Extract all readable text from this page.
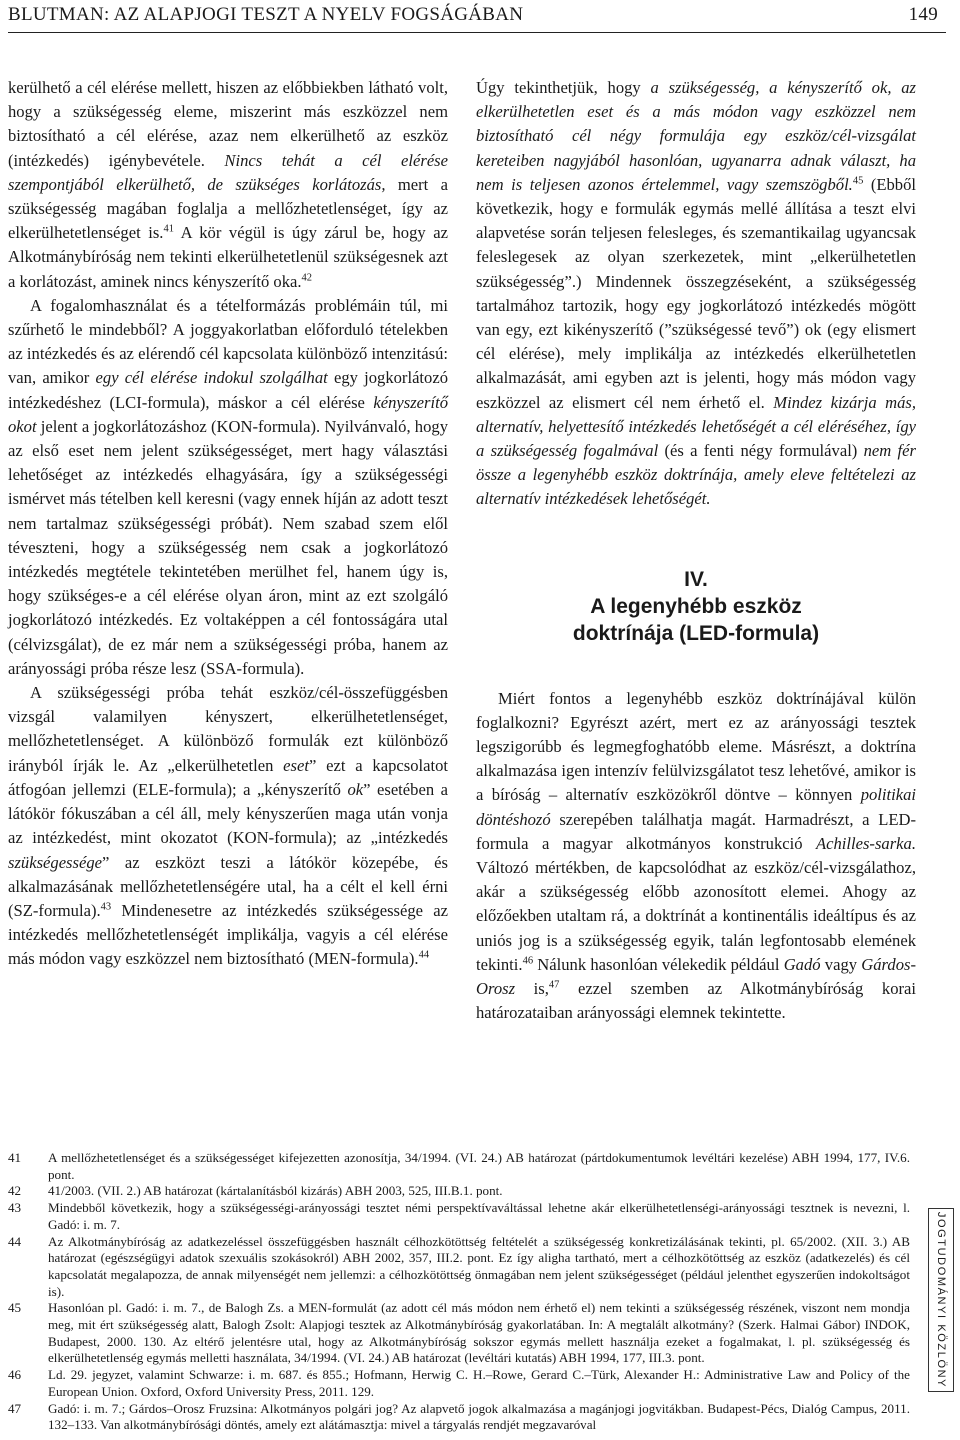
BLUTMAN: AZ ALAPJOGI TESZT A NYELV FOGSÁGÁBAN	149

kerülhető a cél elérése mellett, hiszen az előbbiekben látható volt, hogy a szükségesség eleme, miszerint más eszközzel nem biztosítható a cél elérése, azaz nem elkerülhető az eszköz (intézkedés) igénybevétele. Nincs tehát a cél elérése szempontjából elkerülhető, de szükséges korlátozás, mert a szükségesség magában foglalja a mellőzhetetlenséget, így az elkerülhetetlenséget is.$^{41}$ A kör végül is úgy zárul be, hogy az Alkotmánybíróság nem tekinti elkerülhetetlenül szükségesnek azt a korlátozást, aminek nincs kényszerítő oka.$^{42}$

A fogalomhasználat és a tételformázás problémáin túl, mi szűrhető le mindebből? A joggyakorlatban előforduló tételekben az intézkedés és az elérendő cél kapcsolata különböző intenzitású: van, amikor egy cél elérése indokul szolgálhat egy jogkorlátozó intézkedéshez (LCI-formula), máskor a cél elérése kényszerítő okot jelent a jogkorlátozáshoz (KON-formula). Nyilvánvaló, hogy az első eset nem jelent szükségességet, mert hagy választási lehetőséget az intézkedés elhagyására, így a szükségességi ismérvet más tételben kell keresni (vagy ennek híján az adott teszt nem tartalmaz szükségességi próbát). Nem szabad szem elől téveszteni, hogy a szükségesség nem csak a jogkorlátozó intézkedés megtétele tekintetében merülhet fel, hanem úgy is, hogy szükséges-e a cél elérése olyan áron, mint az ezt szolgáló jogkorlátozó intézkedés. Ez voltaképpen a cél fontosságára utal (célvizsgálat), de ez már nem a szükségességi próba, hanem az arányossági próba része lesz (SSA-formula).

A szükségességi próba tehát eszköz/cél-összefüggésben vizsgál valamilyen kényszert, elkerülhetetlenséget, mellőzhetetlenséget. A különböző formulák ezt különböző irányból írják le. Az „elkerülhetetlen eset” ezt a kapcsolatot átfogóan jellemzi (ELE-formula); a „kényszerítő ok” esetében a látókör fókuszában a cél áll, mely kényszerűen maga után vonja az intézkedést, mint okozatot (KON-formula); az „intézkedés szükségessége” az eszközt teszi a látókör közepébe, és alkalmazásának mellőzhetetlenségére utal, ha a célt el kell érni (SZ-formula).$^{43}$ Mindenesetre az intézkedés szükségessége az intézkedés mellőzhetetlenségét implikálja, vagyis a cél elérése más módon vagy eszközzel nem biztosítható (MEN-formula).$^{44}$

Úgy tekinthetjük, hogy a szükségesség, a kényszerítő ok, az elkerülhetetlen eset és a más módon vagy eszközzel nem biztosítható cél négy formulája egy eszköz/cél-vizsgálat kereteiben nagyjából hasonlóan, ugyanarra adnak választ, ha nem is teljesen azonos értelemmel, vagy szemszögből.$^{45}$ (Ebből következik, hogy e formulák egymás mellé állítása a teszt elvi alapvetése során teljesen felesleges, és szemantikailag ugyancsak feleslegesek az olyan szerkezetek, mint „elkerülhetetlen szükségesség”.) Mindennek összegzéseként, a szükségesség tartalmához tartozik, hogy egy jogkorlátozó intézkedés mögött van egy, ezt kikényszerítő (”szükségessé tevő”) ok (egy elismert cél elérése), mely implikálja az intézkedés elkerülhetetlen alkalmazását, ami egyben azt is jelenti, hogy más módon vagy eszközzel az elismert cél nem érhető el. Mindez kizárja más, alternatív, helyettesítő intézkedés lehetőségét a cél eléréséhez, így a szükségesség fogalmával (és a fenti négy formulával) nem fér össze a legenyhébb eszköz doktrínája, amely eleve feltételezi az alternatív intézkedések lehetőségét.

IV.
A legenyhébb eszköz
doktrínája (LED-formula)

Miért fontos a legenyhébb eszköz doktrínájával külön foglalkozni? Egyrészt azért, mert ez az arányossági tesztek legszigorúbb és legmegfoghatóbb eleme. Másrészt, a doktrína alkalmazása igen intenzív felülvizsgálatot tesz lehetővé, amikor is a bíróság – alternatív eszközökről döntve – könnyen politikai döntéshozó szerepében találhatja magát. Harmadrészt, a LED-formula a magyar alkotmányos konstrukció Achilles-sarka. Változó mértékben, de kapcsolódhat az eszköz/cél-vizsgálathoz, akár a szükségesség előbb azonosított elemei. Ahogy az előzőekben utaltam rá, a doktrínát a kontinentális ideáltípus és az uniós jog is a szükségesség egyik, talán legfontosabb elemének tekinti.$^{46}$ Nálunk hasonlóan vélekedik például Gadó vagy Gárdos-Orosz is,$^{47}$ ezzel szemben az Alkotmánybíróság korai határozataiban arányossági elemnek tekintette.

41 A mellőzhetetlenséget és a szükségességet kifejezetten azonosítja, 34/1994. (VI. 24.) AB határozat (pártdokumentumok levéltári kezelése) ABH 1994, 177, IV.6. pont.
42 41/2003. (VII. 2.) AB határozat (kártalanításból kizárás) ABH 2003, 525, III.B.1. pont.
43 Mindebből következik, hogy a szükségességi-arányossági tesztet némi perspektívaváltással lehetne akár elkerülhetetlenségi-arányossági tesztnek is nevezni, l. Gadó: i. m. 7.
44 Az Alkotmánybíróság az adatkezeléssel összefüggésben használt célhozkötöttség feltételét a szükségesség konkretizálásának tekinti, pl. 65/2002. (XII. 3.) AB határozat (egészségügyi adatok szexuális szokásokról) ABH 2002, 357, III.2. pont. Ez így aligha tartható, mert a célhozkötöttség az eszköz (adatkezelés) és cél kapcsolatát megalapozza, de annak milyenségét nem jellemzi: a célhozkötöttség önmagában nem jelent szükségességet (például jelenthet egyszerűen indokoltságot is).
45 Hasonlóan pl. Gadó: i. m. 7., de Balogh Zs. a MEN-formulát (az adott cél más módon nem érhető el) nem tekinti a szükségesség részének, viszont nem mondja meg, mit ért szükségesség alatt, Balogh Zsolt: Alapjogi tesztek az Alkotmánybíróság gyakorlatában. In: A megtalált alkotmány? (Szerk. Halmai Gábor) INDOK, Budapest, 2000. 130. Az eltérő jelentésre utal, hogy az Alkotmánybíróság sokszor egymás mellett használja ezeket a fogalmakat, l. pl. szükségesség és elkerülhetetlenség egymás melletti használata, 34/1994. (VI. 24.) AB határozat (levéltári kutatás) ABH 1994, 177, III.3. pont.
46 Ld. 29. jegyzet, valamint Schwarze: i. m. 687. és 855.; Hofmann, Herwig C. H.–Rowe, Gerard C.–Türk, Alexander H.: Administrative Law and Policy of the European Union. Oxford, Oxford University Press, 2011. 129.
47 Gadó: i. m. 7.; Gárdos–Orosz Fruzsina: Alkotmányos polgári jog? Az alapvető jogok alkalmazása a magánjogi jogvitákban. Budapest-Pécs, Dialóg Campus, 2011. 132–133. Van alkotmánybírósági döntés, amely ezt alátámasztja: mivel a tárgyalás rendjét megzavaróval
JOGTUDOMÁNYI KÖZLÖNY
